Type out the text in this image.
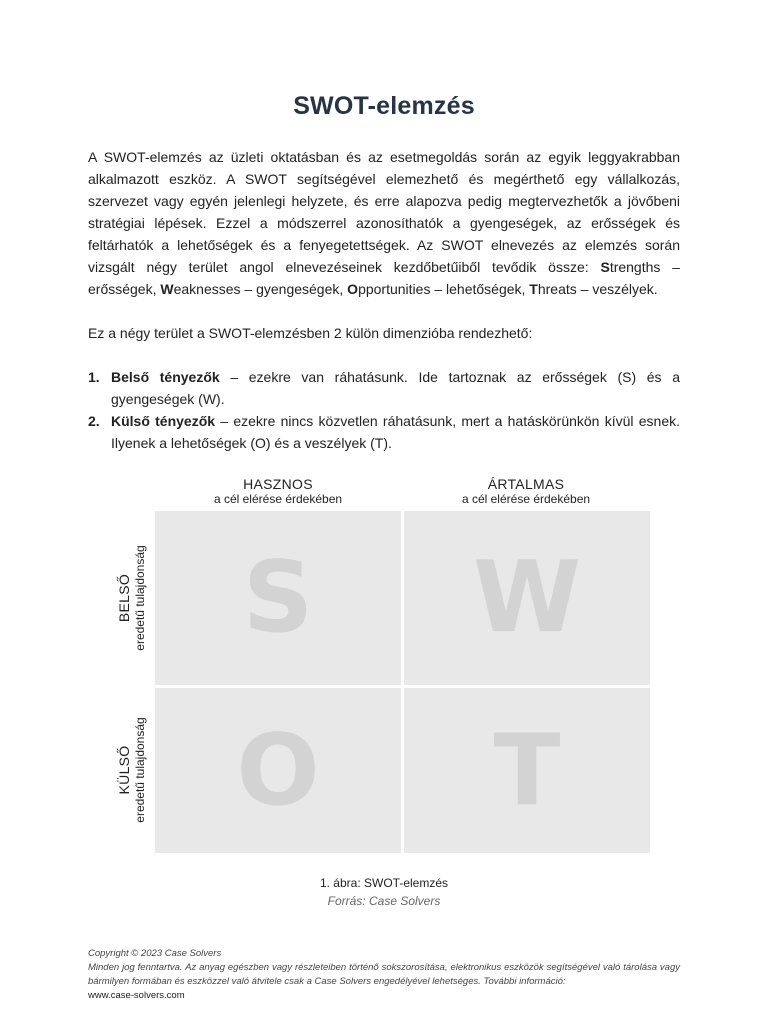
SWOT-elemzés

A SWOT-elemzés az üzleti oktatásban és az esetmegoldás során az egyik leggyakrabban alkalmazott eszköz. A SWOT segítségével elemezhető és megérthető egy vállalkozás, szervezet vagy egyén jelenlegi helyzete, és erre alapozva pedig megtervezhetők a jövőbeni stratégiai lépések. Ezzel a módszerrel azonosíthatók a gyengeségek, az erősségek és feltárhatók a lehetőségek és a fenyegetettségek. Az SWOT elnevezés az elemzés során vizsgált négy terület angol elnevezéseinek kezdőbetűiből tevődik össze: Strengths – erősségek, Weaknesses – gyengeségek, Opportunities – lehetőségek, Threats – veszélyek.

Ez a négy terület a SWOT-elemzésben 2 külön dimenzióba rendezhető:

1. Belső tényezők – ezekre van ráhatásunk. Ide tartoznak az erősségek (S) és a gyengeségek (W).
2. Külső tényezők – ezekre nincs közvetlen ráhatásunk, mert a hatáskörünkön kívül esnek. Ilyenek a lehetőségek (O) és a veszélyek (T).
HASZNOS
a cél elérése érdekében
ÁRTALMAS
a cél elérése érdekében
BELSŐ eredetű tulajdonság
KÜLSŐ eredetű tulajdonság
S W
O T
1. ábra: SWOT-elemzés
Forrás: Case Solvers
Copyright © 2023 Case Solvers
Minden jog fenntartva. Az anyag egészben vagy részleteiben történő sokszorosítása, elektronikus eszközök segítségével való tárolása vagy bármilyen formában és eszközzel való átvitele csak a Case Solvers engedélyével lehetséges. További információ:
www.case-solvers.com
